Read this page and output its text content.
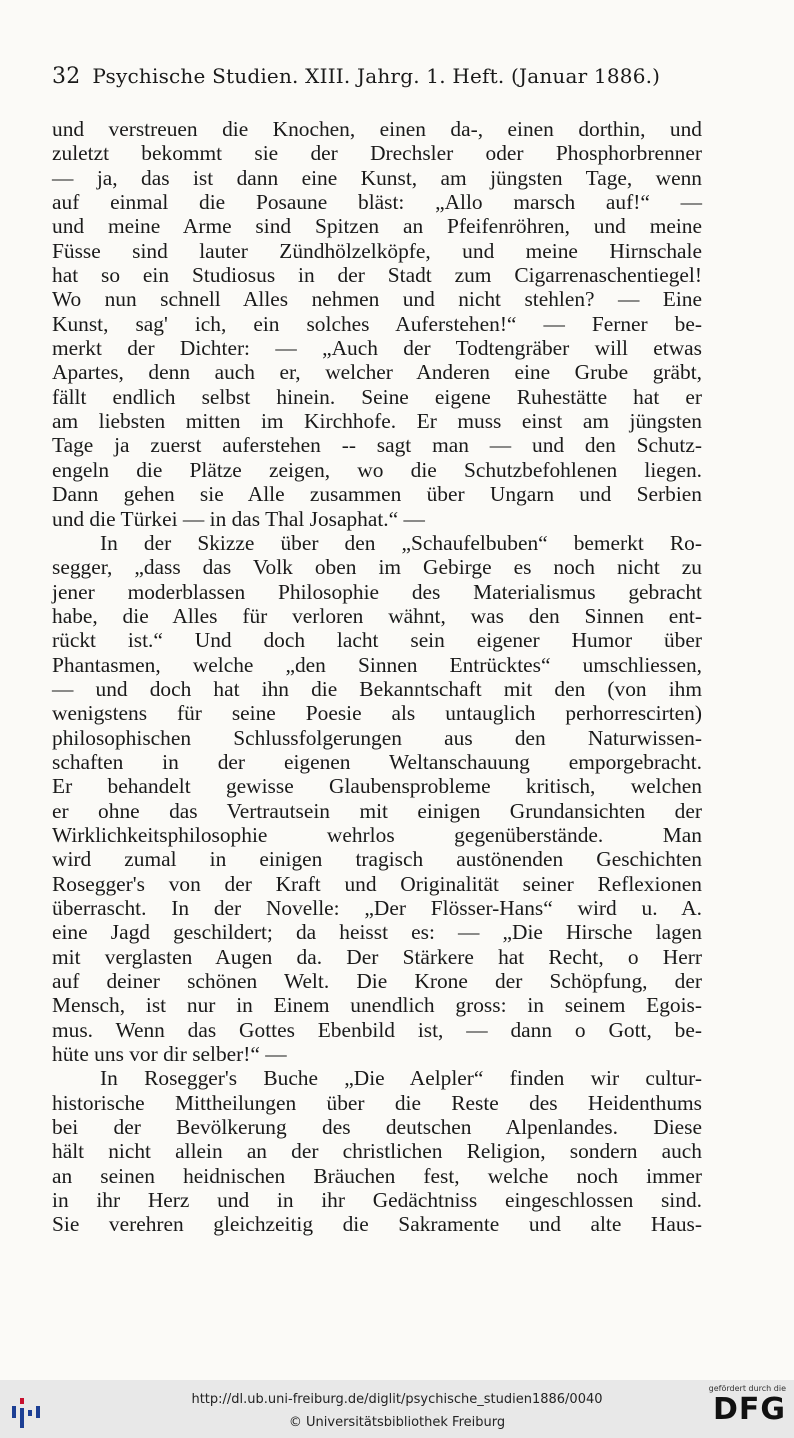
32 Psychische Studien. XIII. Jahrg. 1. Heft. (Januar 1886.)
und verstreuen die Knochen, einen da-, einen dorthin, und
zuletzt bekommt sie der Drechsler oder Phosphorbrenner
— ja, das ist dann eine Kunst, am jüngsten Tage, wenn
auf einmal die Posaune bläst: „Allo marsch auf!“ —
und meine Arme sind Spitzen an Pfeifenröhren, und meine
Füsse sind lauter Zündhölzelköpfe, und meine Hirnschale
hat so ein Studiosus in der Stadt zum Cigarrenaschentiegel!
Wo nun schnell Alles nehmen und nicht stehlen? — Eine
Kunst, sag' ich, ein solches Auferstehen!“ — Ferner be-
merkt der Dichter: — „Auch der Todtengräber will etwas
Apartes, denn auch er, welcher Anderen eine Grube gräbt,
fällt endlich selbst hinein. Seine eigene Ruhestätte hat er
am liebsten mitten im Kirchhofe. Er muss einst am jüngsten
Tage ja zuerst auferstehen -- sagt man — und den Schutz-
engeln die Plätze zeigen, wo die Schutzbefohlenen liegen.
Dann gehen sie Alle zusammen über Ungarn und Serbien
und die Türkei — in das Thal Josaphat.“ —
In der Skizze über den „Schaufelbuben“ bemerkt Ro-
segger, „dass das Volk oben im Gebirge es noch nicht zu
jener moderblassen Philosophie des Materialismus gebracht
habe, die Alles für verloren wähnt, was den Sinnen ent-
rückt ist.“ Und doch lacht sein eigener Humor über
Phantasmen, welche „den Sinnen Entrücktes“ umschliessen,
— und doch hat ihn die Bekanntschaft mit den (von ihm
wenigstens für seine Poesie als untauglich perhorrescirten)
philosophischen Schlussfolgerungen aus den Naturwissen-
schaften in der eigenen Weltanschauung emporgebracht.
Er behandelt gewisse Glaubensprobleme kritisch, welchen
er ohne das Vertrautsein mit einigen Grundansichten der
Wirklichkeitsphilosophie wehrlos gegenüberstände. Man
wird zumal in einigen tragisch austönenden Geschichten
Rosegger's von der Kraft und Originalität seiner Reflexionen
überrascht. In der Novelle: „Der Flösser-Hans“ wird u. A.
eine Jagd geschildert; da heisst es: — „Die Hirsche lagen
mit verglasten Augen da. Der Stärkere hat Recht, o Herr
auf deiner schönen Welt. Die Krone der Schöpfung, der
Mensch, ist nur in Einem unendlich gross: in seinem Egois-
mus. Wenn das Gottes Ebenbild ist, — dann o Gott, be-
hüte uns vor dir selber!“ —
In Rosegger's Buche „Die Aelpler“ finden wir cultur-
historische Mittheilungen über die Reste des Heidenthums
bei der Bevölkerung des deutschen Alpenlandes. Diese
hält nicht allein an der christlichen Religion, sondern auch
an seinen heidnischen Bräuchen fest, welche noch immer
in ihr Herz und in ihr Gedächtniss eingeschlossen sind.
Sie verehren gleichzeitig die Sakramente und alte Haus-
http://dl.ub.uni-freiburg.de/diglit/psychische_studien1886/0040
© Universitätsbibliothek Freiburg
gefördert durch die
DFG
